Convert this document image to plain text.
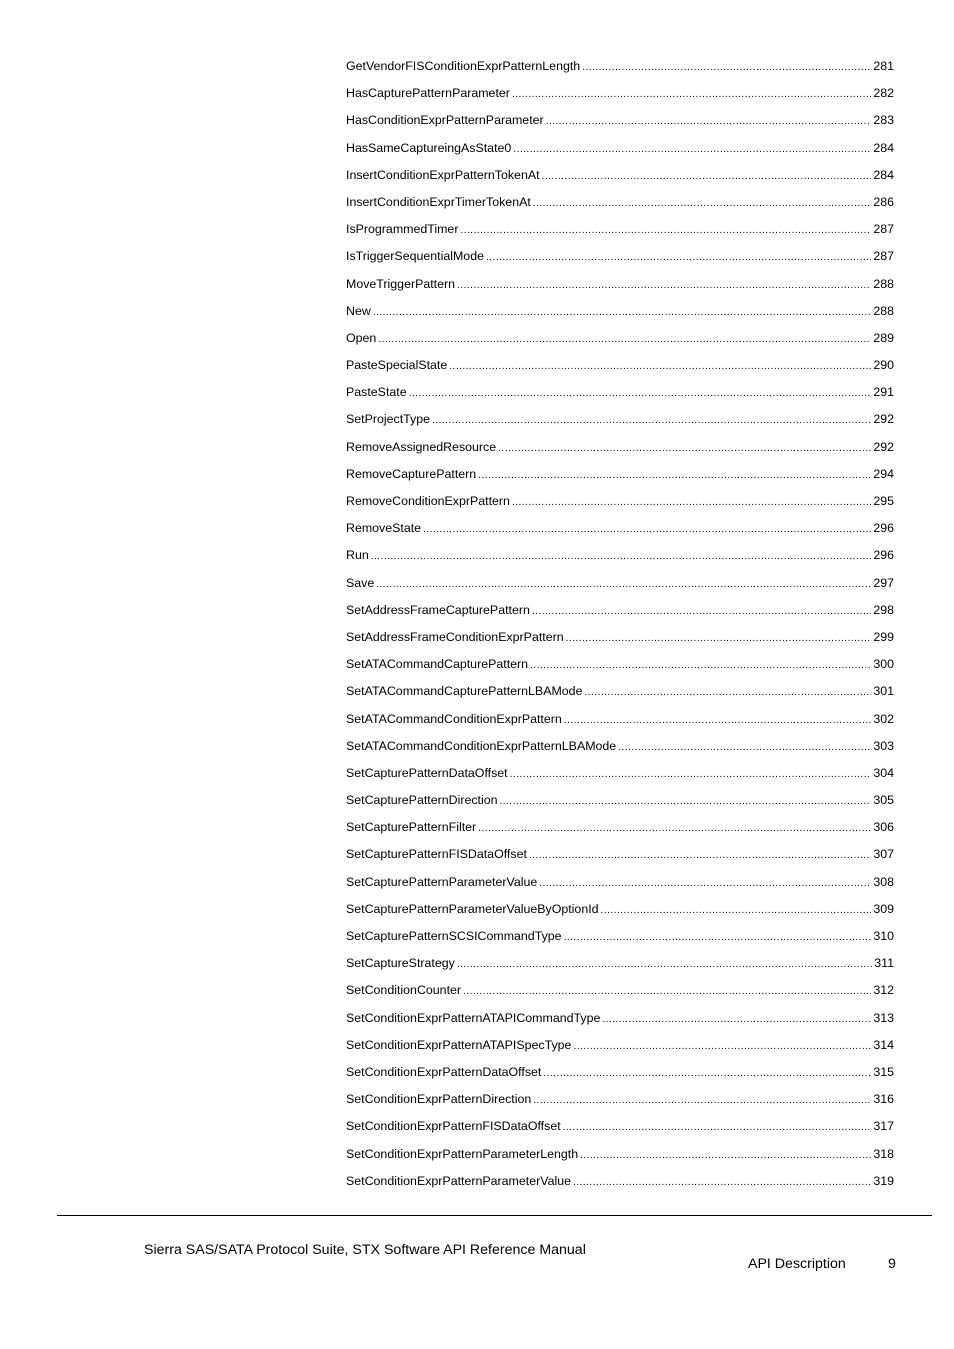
GetVendorFISConditionExprPatternLength .....	281
HasCapturePatternParameter .....	282
HasConditionExprPatternParameter .....	283
HasSameCaptureingAsState0 .....	284
InsertConditionExprPatternTokenAt .....	284
InsertConditionExprTimerTokenAt .....	286
IsProgrammedTimer .....	287
IsTriggerSequentialMode .....	287
MoveTriggerPattern .....	288
New .....	288
Open .....	289
PasteSpecialState .....	290
PasteState .....	291
SetProjectType .....	292
RemoveAssignedResource .....	292
RemoveCapturePattern .....	294
RemoveConditionExprPattern .....	295
RemoveState .....	296
Run .....	296
Save .....	297
SetAddressFrameCapturePattern .....	298
SetAddressFrameConditionExprPattern .....	299
SetATACommandCapturePattern .....	300
SetATACommandCapturePatternLBAMode .....	301
SetATACommandConditionExprPattern .....	302
SetATACommandConditionExprPatternLBAMode .....	303
SetCapturePatternDataOffset .....	304
SetCapturePatternDirection .....	305
SetCapturePatternFilter .....	306
SetCapturePatternFISDataOffset .....	307
SetCapturePatternParameterValue .....	308
SetCapturePatternParameterValueByOptionId .....	309
SetCapturePatternSCSICommandType .....	310
SetCaptureStrategy .....	311
SetConditionCounter .....	312
SetConditionExprPatternATAPICommandType .....	313
SetConditionExprPatternATAPISpecType .....	314
SetConditionExprPatternDataOffset .....	315
SetConditionExprPatternDirection .....	316
SetConditionExprPatternFISDataOffset .....	317
SetConditionExprPatternParameterLength .....	318
SetConditionExprPatternParameterValue .....	319
Sierra SAS/SATA Protocol Suite, STX Software API Reference Manual
API Description	9
